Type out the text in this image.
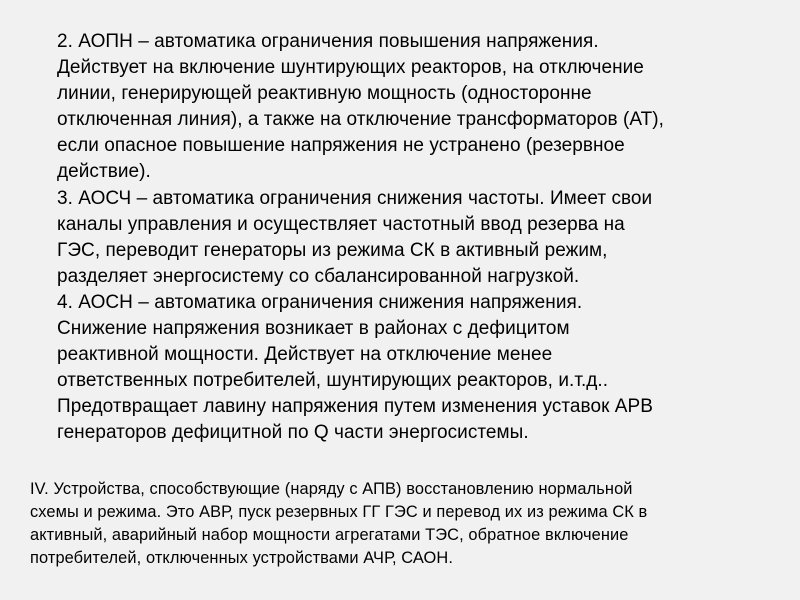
2. АОПН – автоматика ограничения повышения напряжения.
Действует на включение шунтирующих реакторов, на отключение
линии, генерирующей реактивную мощность (односторонне
отключенная линия), а также на отключение трансформаторов (АТ),
если опасное повышение напряжения не устранено (резервное
действие).
3. АОСЧ – автоматика ограничения снижения частоты. Имеет свои
каналы управления и осуществляет частотный ввод резерва на
ГЭС, переводит генераторы из режима СК в активный режим,
разделяет энергосистему со сбалансированной нагрузкой.
4. АОСН – автоматика ограничения снижения напряжения.
Снижение напряжения возникает в районах с дефицитом
реактивной мощности. Действует на отключение менее
ответственных потребителей, шунтирующих реакторов, и.т.д..
Предотвращает лавину напряжения путем изменения уставок АРВ
генераторов дефицитной по Q части энергосистемы.
IV. Устройства, способствующие (наряду с АПВ) восстановлению нормальной
схемы и режима. Это АВР, пуск резервных ГГ ГЭС и перевод их из режима СК в
активный, аварийный набор мощности агрегатами ТЭС, обратное включение
потребителей, отключенных устройствами АЧР, САОН.
